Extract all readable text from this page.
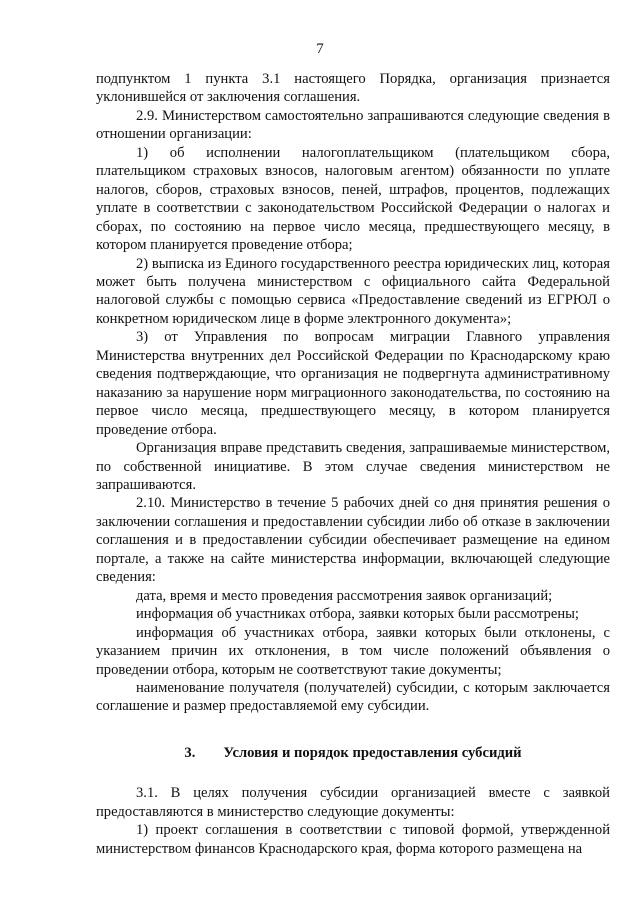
7

подпунктом 1 пункта 3.1 настоящего Порядка, организация признается уклонившейся от заключения соглашения.

2.9. Министерством самостоятельно запрашиваются следующие сведения в отношении организации:

1) об исполнении налогоплательщиком (плательщиком сбора, плательщиком страховых взносов, налоговым агентом) обязанности по уплате налогов, сборов, страховых взносов, пеней, штрафов, процентов, подлежащих уплате в соответствии с законодательством Российской Федерации о налогах и сборах, по состоянию на первое число месяца, предшествующего месяцу, в котором планируется проведение отбора;

2) выписка из Единого государственного реестра юридических лиц, которая может быть получена министерством с официального сайта Федеральной налоговой службы с помощью сервиса «Предоставление сведений из ЕГРЮЛ о конкретном юридическом лице в форме электронного документа»;

3) от Управления по вопросам миграции Главного управления Министерства внутренних дел Российской Федерации по Краснодарскому краю сведения подтверждающие, что организация не подвергнута административному наказанию за нарушение норм миграционного законодательства, по состоянию на первое число месяца, предшествующего месяцу, в котором планируется проведение отбора.

Организация вправе представить сведения, запрашиваемые министерством, по собственной инициативе. В этом случае сведения министерством не запрашиваются.

2.10. Министерство в течение 5 рабочих дней со дня принятия решения о заключении соглашения и предоставлении субсидии либо об отказе в заключении соглашения и в предоставлении субсидии обеспечивает размещение на едином портале, а также на сайте министерства информации, включающей следующие сведения:

дата, время и место проведения рассмотрения заявок организаций;

информация об участниках отбора, заявки которых были рассмотрены;

информация об участниках отбора, заявки которых были отклонены, с указанием причин их отклонения, в том числе положений объявления о проведении отбора, которым не соответствуют такие документы;

наименование получателя (получателей) субсидии, с которым заключается соглашение и размер предоставляемой ему субсидии.

3. Условия и порядок предоставления субсидий

3.1. В целях получения субсидии организацией вместе с заявкой предоставляются в министерство следующие документы:

1) проект соглашения в соответствии с типовой формой, утвержденной министерством финансов Краснодарского края, форма которого размещена на
